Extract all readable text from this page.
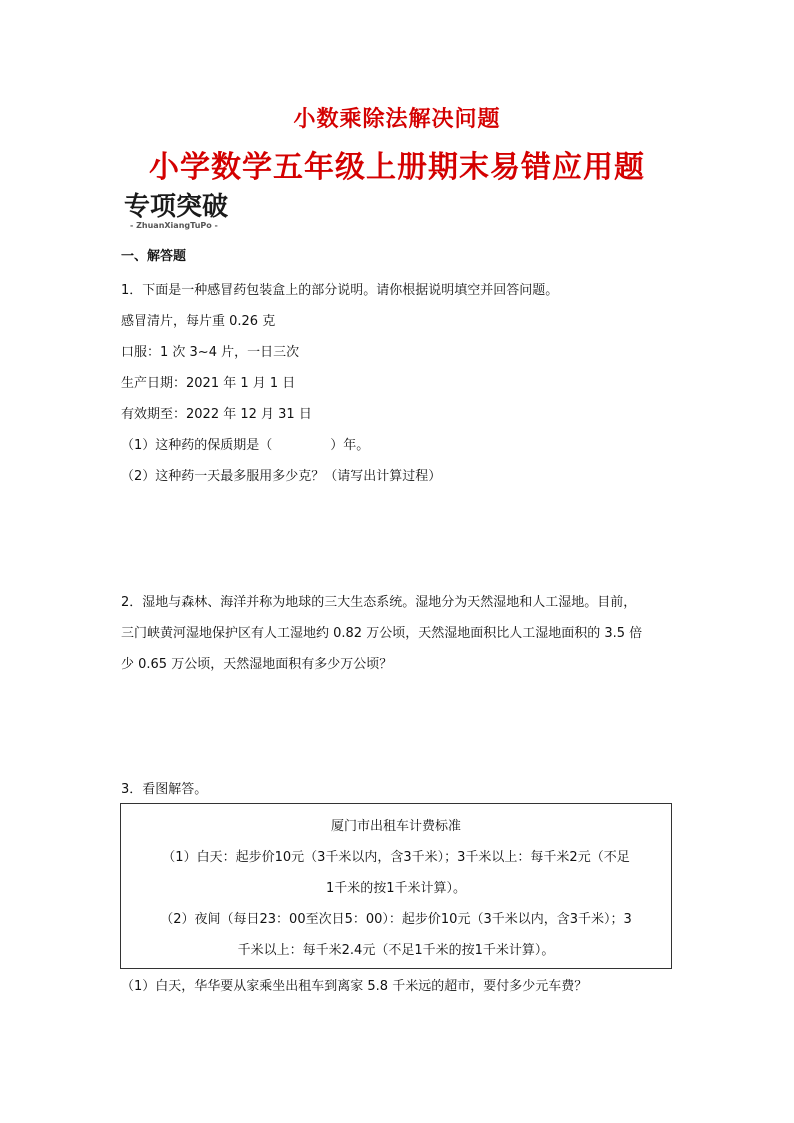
小数乘除法解决问题
小学数学五年级上册期末易错应用题
专项突破
- ZhuanXiangTuPo -
一、解答题
1．下面是一种感冒药包装盒上的部分说明。请你根据说明填空并回答问题。
感冒清片，每片重 0.26 克
口服：1 次 3~4 片，一日三次
生产日期：2021 年 1 月 1 日
有效期至：2022 年 12 月 31 日
（1）这种药的保质期是（	）年。
（2）这种药一天最多服用多少克？（请写出计算过程）
2．湿地与森林、海洋并称为地球的三大生态系统。湿地分为天然湿地和人工湿地。目前，
三门峡黄河湿地保护区有人工湿地约 0.82 万公顷，天然湿地面积比人工湿地面积的 3.5 倍
少 0.65 万公顷，天然湿地面积有多少万公顷？
3．看图解答。
厦门市出租车计费标准
（1）白天：起步价10元（3千米以内，含3千米）；3千米以上：每千米2元（不足
1千米的按1千米计算）。
（2）夜间（每日23：00至次日5：00）：起步价10元（3千米以内，含3千米）；3
千米以上：每千米2.4元（不足1千米的按1千米计算）。
（1）白天，华华要从家乘坐出租车到离家 5.8 千米远的超市，要付多少元车费？
